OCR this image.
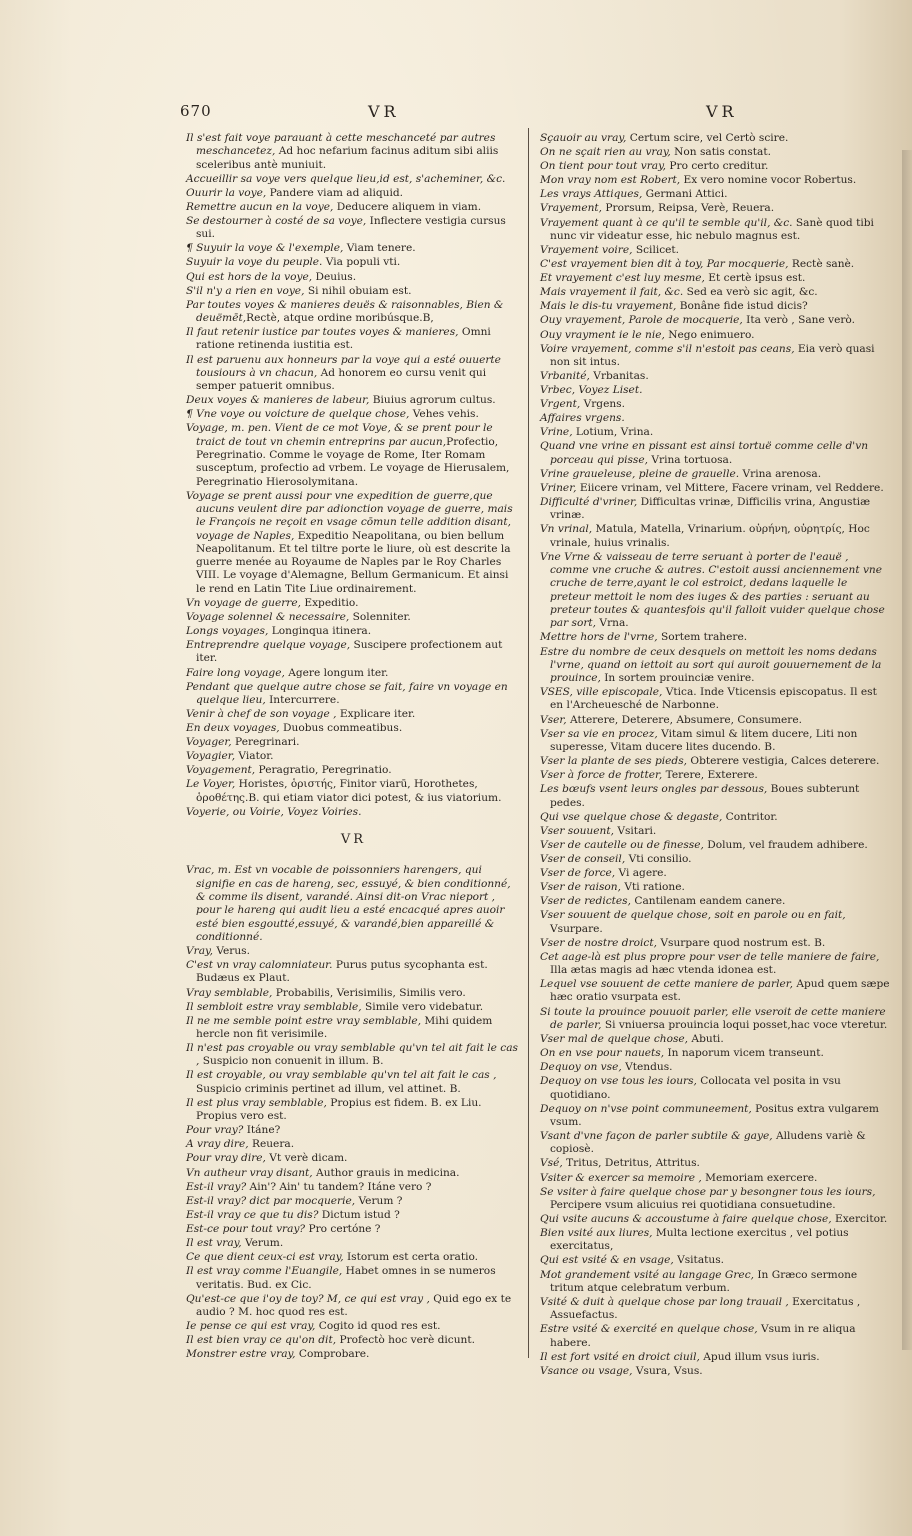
670	VR	VR
Il s'est fait voye parauant à cette meschanceté par autres meschancetez, Ad hoc nefarium facinus aditum sibi aliis sceleribus antè muniuit.
Accueillir sa voye vers quelque lieu,id est, s'acheminer, &c.
Ouurir la voye, Pandere viam ad aliquid.
Remettre aucun en la voye, Deducere aliquem in viam.
Se destourner à costé de sa voye, Inflectere vestigia cursus sui.
¶ Suyuir la voye & l'exemple, Viam tenere.
Suyuir la voye du peuple. Via populi vti.
Qui est hors de la voye, Deuius.
S'il n'y a rien en voye, Si nihil obuiam est.
Par toutes voyes & manieres deuës & raisonnables, Bien & deuëmēt,Rectè, atque ordine moribúsque.B,
Il faut retenir iustice par toutes voyes & manieres, Omni ratione retinenda iustitia est.
Il est paruenu aux honneurs par la voye qui a esté ouuerte tousiours à vn chacun, Ad honorem eo cursu venit qui semper patuerit omnibus.
Deux voyes & manieres de labeur, Biuius agrorum cultus.
¶ Vne voye ou voicture de quelque chose, Vehes vehis.
Voyage, m. pen. Vient de ce mot Voye, & se prent pour le traict de tout vn chemin entreprins par aucun,Profectio, Peregrinatio. Comme le voyage de Rome, Iter Romam susceptum, profectio ad vrbem. Le voyage de Hierusalem, Peregrinatio Hierosolymitana.
Voyage se prent aussi pour vne expedition de guerre,que aucuns veulent dire par adionction voyage de guerre, mais le François ne reçoit en vsage cōmun telle addition disant, voyage de Naples, Expeditio Neapolitana, ou bien bellum Neapolitanum. Et tel tiltre porte le liure, où est descrite la guerre menée au Royaume de Naples par le Roy Charles VIII. Le voyage d'Alemagne, Bellum Germanicum. Et ainsi le rend en Latin Tite Liue ordinairement.
Vn voyage de guerre, Expeditio.
Voyage solennel & necessaire, Solenniter.
Longs voyages, Longinqua itinera.
Entreprendre quelque voyage, Suscipere profectionem aut iter.
Faire long voyage, Agere longum iter.
Pendant que quelque autre chose se fait, faire vn voyage en quelque lieu, Intercurrere.
Venir à chef de son voyage , Explicare iter.
En deux voyages, Duobus commeatibus.
Voyager, Peregrinari.
Voyagier, Viator.
Voyagement, Peragratio, Peregrinatio.
Le Voyer, Horistes, ὁριστής, Finitor viarū, Horothetes, ὁροθέτης.B. qui etiam viator dici potest, & ius viatorium.
Voyerie, ou Voirie, Voyez Voiries.
VR
Vrac, m. Est vn vocable de poissonniers harengers, qui signifie en cas de hareng, sec, essuyé, & bien conditionné, & comme ils disent, varandé. Ainsi dit-on Vrac nieport , pour le hareng qui audit lieu a esté encacqué apres auoir esté bien esgoutté,essuyé, & varandé,bien appareillé & conditionné.
Vray, Verus.
C'est vn vray calomniateur. Purus putus sycophanta est. Budæus ex Plaut.
Vray semblable, Probabilis, Verisimilis, Similis vero.
Il sembloit estre vray semblable, Simile vero videbatur.
Il ne me semble point estre vray semblable, Mihi quidem hercle non fit verisimile.
Il n'est pas croyable ou vray semblable qu'vn tel ait fait le cas , Suspicio non conuenit in illum. B.
Il est croyable, ou vray semblable qu'vn tel ait fait le cas , Suspicio criminis pertinet ad illum, vel attinet. B.
Il est plus vray semblable, Propius est fidem. B. ex Liu. Propius vero est.
Pour vray? Itáne?
A vray dire, Reuera.
Pour vray dire, Vt verè dicam.
Vn autheur vray disant, Author grauis in medicina.
Est-il vray? Ain'? Ain' tu tandem? Itáne vero ?
Est-il vray? dict par mocquerie, Verum ?
Est-il vray ce que tu dis? Dictum istud ?
Est-ce pour tout vray? Pro certóne ?
Il est vray, Verum.
Ce que dient ceux-ci est vray, Istorum est certa oratio.
Il est vray comme l'Euangile, Habet omnes in se numeros veritatis. Bud. ex Cic.
Qu'est-ce que i'oy de toy? M, ce qui est vray , Quid ego ex te audio ? M. hoc quod res est.
Ie pense ce qui est vray, Cogito id quod res est.
Il est bien vray ce qu'on dit, Profectò hoc verè dicunt.
Monstrer estre vray, Comprobare.
Sçauoir au vray, Certum scire, vel Certò scire.
On ne sçait rien au vray, Non satis constat.
On tient pour tout vray, Pro certo creditur.
Mon vray nom est Robert, Ex vero nomine vocor Robertus.
Les vrays Attiques, Germani Attici.
Vrayement, Prorsum, Reipsa, Verè, Reuera.
Vrayement quant à ce qu'il te semble qu'il, &c. Sanè quod tibi nunc vir videatur esse, hic nebulo magnus est.
Vrayement voire, Scilicet.
C'est vrayement bien dit à toy, Par mocquerie, Rectè sanè.
Et vrayement c'est luy mesme, Et certè ipsus est.
Mais vrayement il fait, &c. Sed ea verò sic agit, &c.
Mais le dis-tu vrayement, Bonâne fide istud dicis?
Ouy vrayement, Parole de mocquerie, Ita verò , Sane verò.
Ouy vrayment ie le nie, Nego enimuero.
Voire vrayement, comme s'il n'estoit pas ceans, Eia verò quasi non sit intus.
Vrbanité, Vrbanitas.
Vrbec, Voyez Liset.
Vrgent, Vrgens.
Affaires vrgens.
Vrine, Lotium, Vrina.
Quand vne vrine en pissant est ainsi tortuë comme celle d'vn porceau qui pisse, Vrina tortuosa.
Vrine graueleuse, pleine de grauelle. Vrina arenosa.
Vriner, Eiicere vrinam, vel Mittere, Facere vrinam, vel Reddere.
Difficulté d'vriner, Difficultas vrinæ, Difficilis vrina, Angustiæ vrinæ.
Vn vrinal, Matula, Matella, Vrinarium. οὐρήνη, οὐρητρίς, Hoc vrinale, huius vrinalis.
Vne Vrne & vaisseau de terre seruant à porter de l'eauë , comme vne cruche & autres. C'estoit aussi anciennement vne cruche de terre,ayant le col estroict, dedans laquelle le preteur mettoit le nom des iuges & des parties : seruant au preteur toutes & quantesfois qu'il falloit vuider quelque chose par sort, Vrna.
Mettre hors de l'vrne, Sortem trahere.
Estre du nombre de ceux desquels on mettoit les noms dedans l'vrne, quand on iettoit au sort qui auroit gouuernement de la prouince, In sortem prouinciæ venire.
VSES, ville episcopale, Vtica. Inde Vticensis episcopatus. Il est en l'Archeuesché de Narbonne.
Vser, Atterere, Deterere, Absumere, Consumere.
Vser sa vie en procez, Vitam simul & litem ducere, Liti non superesse, Vitam ducere lites ducendo. B.
Vser la plante de ses pieds, Obterere vestigia, Calces deterere.
Vser à force de frotter, Terere, Exterere.
Les bœufs vsent leurs ongles par dessous, Boues subterunt pedes.
Qui vse quelque chose & degaste, Contritor.
Vser souuent, Vsitari.
Vser de cautelle ou de finesse, Dolum, vel fraudem adhibere.
Vser de conseil, Vti consilio.
Vser de force, Vi agere.
Vser de raison, Vti ratione.
Vser de redictes, Cantilenam eandem canere.
Vser souuent de quelque chose, soit en parole ou en fait, Vsurpare.
Vser de nostre droict, Vsurpare quod nostrum est. B.
Cet aage-là est plus propre pour vser de telle maniere de faire, Illa ætas magis ad hæc vtenda idonea est.
Lequel vse souuent de cette maniere de parler, Apud quem sæpe hæc oratio vsurpata est.
Si toute la prouince pouuoit parler, elle vseroit de cette maniere de parler, Si vniuersa prouincia loqui posset,hac voce vteretur.
Vser mal de quelque chose, Abuti.
On en vse pour nauets, In naporum vicem transeunt.
Dequoy on vse, Vtendus.
Dequoy on vse tous les iours, Collocata vel posita in vsu quotidiano.
Dequoy on n'vse point communeement, Positus extra vulgarem vsum.
Vsant d'vne façon de parler subtile & gaye, Alludens variè & copiosè.
Vsé, Tritus, Detritus, Attritus.
Vsiter & exercer sa memoire , Memoriam exercere.
Se vsiter à faire quelque chose par y besongner tous les iours, Percipere vsum alicuius rei quotidiana consuetudine.
Qui vsite aucuns & accoustume à faire quelque chose, Exercitor.
Bien vsité aux liures, Multa lectione exercitus , vel potius exercitatus,
Qui est vsité & en vsage, Vsitatus.
Mot grandement vsité au langage Grec, In Græco sermone tritum atque celebratum verbum.
Vsité & duit à quelque chose par long trauail , Exercitatus , Assuefactus.
Estre vsité & exercité en quelque chose, Vsum in re aliqua habere.
Il est fort vsité en droict ciuil, Apud illum vsus iuris.
Vsance ou vsage, Vsura, Vsus.
